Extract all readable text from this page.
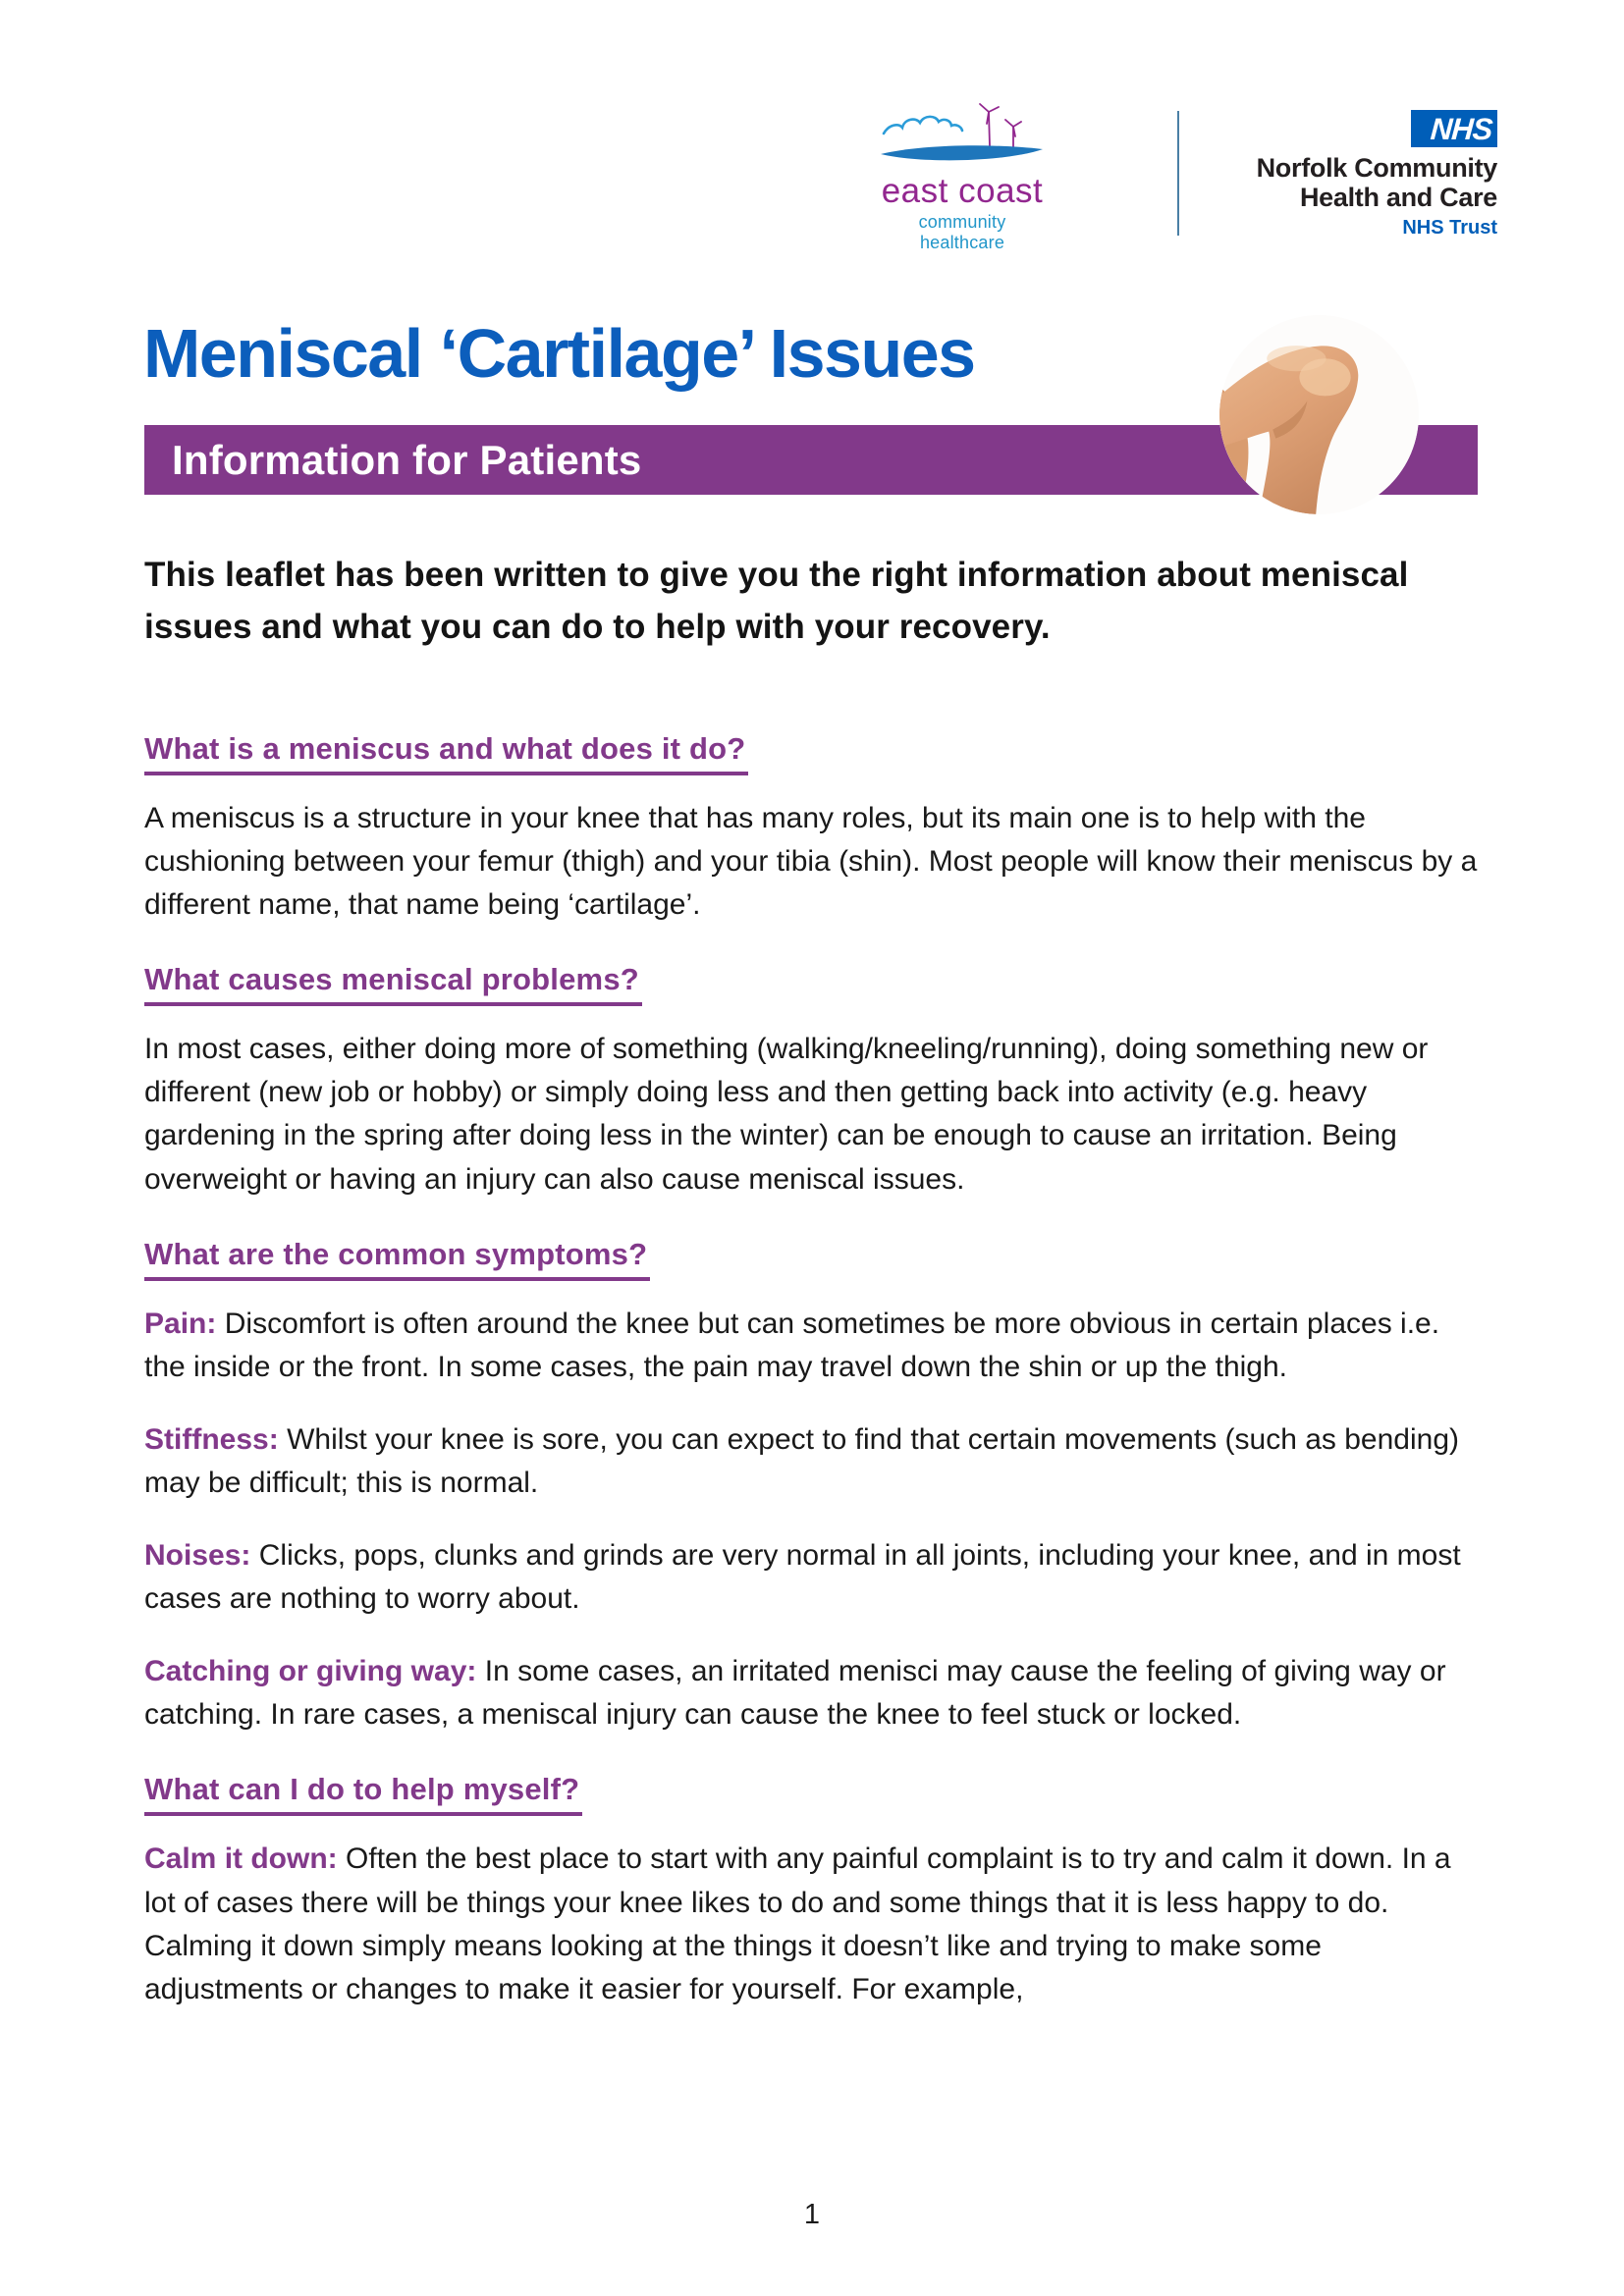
east coast
community healthcare
NHS
Norfolk Community
Health and Care
NHS Trust
Meniscal ‘Cartilage’ Issues
Information for Patients

This leaflet has been written to give you the right information about meniscal issues and what you can do to help with your recovery.

What is a meniscus and what does it do?

A meniscus is a structure in your knee that has many roles, but its main one is to help with the cushioning between your femur (thigh) and your tibia (shin). Most people will know their meniscus by a different name, that name being ‘cartilage’.

What causes meniscal problems?

In most cases, either doing more of something (walking/kneeling/running), doing something new or different (new job or hobby) or simply doing less and then getting back into activity (e.g. heavy gardening in the spring after doing less in the winter) can be enough to cause an irritation. Being overweight or having an injury can also cause meniscal issues.

What are the common symptoms?

Pain: Discomfort is often around the knee but can sometimes be more obvious in certain places i.e. the inside or the front. In some cases, the pain may travel down the shin or up the thigh.

Stiffness: Whilst your knee is sore, you can expect to find that certain movements (such as bending) may be difficult; this is normal.

Noises: Clicks, pops, clunks and grinds are very normal in all joints, including your knee, and in most cases are nothing to worry about.

Catching or giving way: In some cases, an irritated menisci may cause the feeling of giving way or catching. In rare cases, a meniscal injury can cause the knee to feel stuck or locked.

What can I do to help myself?

Calm it down: Often the best place to start with any painful complaint is to try and calm it down. In a lot of cases there will be things your knee likes to do and some things that it is less happy to do. Calming it down simply means looking at the things it doesn’t like and trying to make some adjustments or changes to make it easier for yourself. For example,

1
